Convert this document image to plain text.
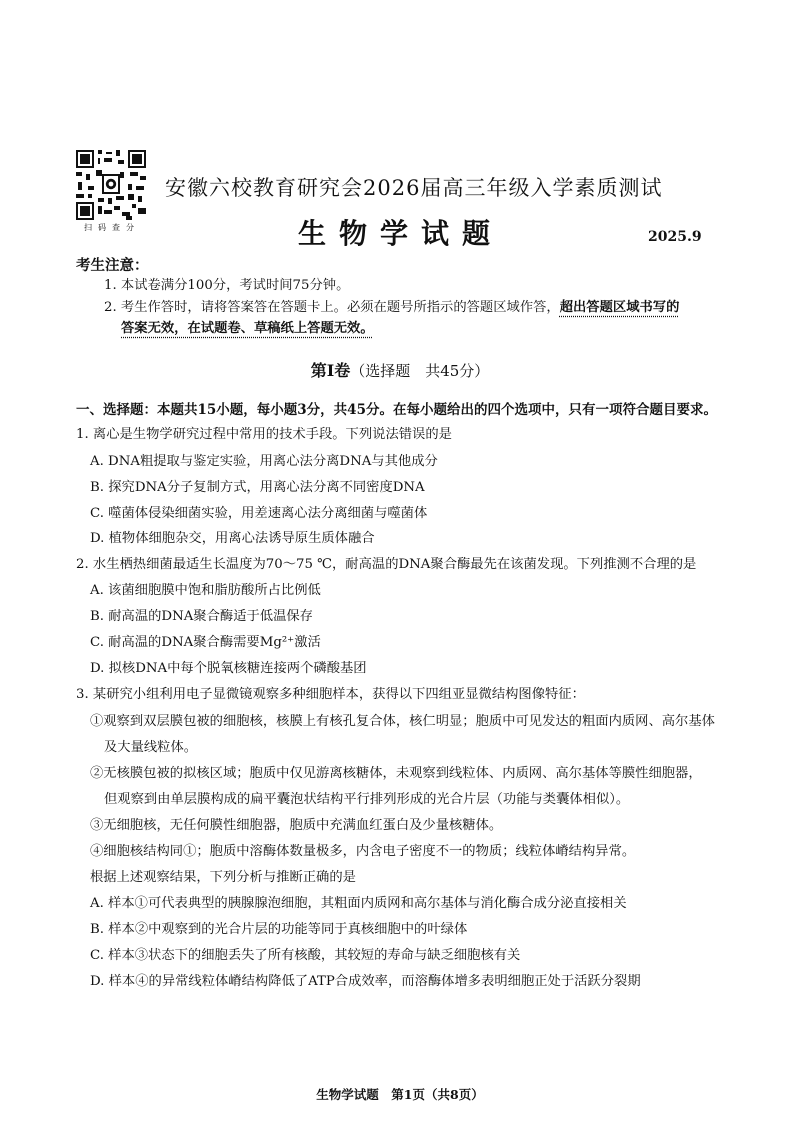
扫码查分
安徽六校教育研究会2026届高三年级入学素质测试
生物学试题	2025.9
考生注意：
1. 本试卷满分100分，考试时间75分钟。
2. 考生作答时，请将答案答在答题卡上。必须在题号所指示的答题区域作答，超出答题区域书写的
答案无效，在试题卷、草稿纸上答题无效。
第Ⅰ卷（选择题　共45分）
一、选择题：本题共15小题，每小题3分，共45分。在每小题给出的四个选项中，只有一项符合题目要求。
1. 离心是生物学研究过程中常用的技术手段。下列说法错误的是
A. DNA粗提取与鉴定实验，用离心法分离DNA与其他成分
B. 探究DNA分子复制方式，用离心法分离不同密度DNA
C. 噬菌体侵染细菌实验，用差速离心法分离细菌与噬菌体
D. 植物体细胞杂交，用离心法诱导原生质体融合
2. 水生栖热细菌最适生长温度为70～75 ℃，耐高温的DNA聚合酶最先在该菌发现。下列推测不合理的是
A. 该菌细胞膜中饱和脂肪酸所占比例低
B. 耐高温的DNA聚合酶适于低温保存
C. 耐高温的DNA聚合酶需要Mg²⁺激活
D. 拟核DNA中每个脱氧核糖连接两个磷酸基团
3. 某研究小组利用电子显微镜观察多种细胞样本，获得以下四组亚显微结构图像特征：
①观察到双层膜包被的细胞核，核膜上有核孔复合体，核仁明显；胞质中可见发达的粗面内质网、高尔基体
及大量线粒体。
②无核膜包被的拟核区域；胞质中仅见游离核糖体，未观察到线粒体、内质网、高尔基体等膜性细胞器，
但观察到由单层膜构成的扁平囊泡状结构平行排列形成的光合片层（功能与类囊体相似）。
③无细胞核，无任何膜性细胞器，胞质中充满血红蛋白及少量核糖体。
④细胞核结构同①；胞质中溶酶体数量极多，内含电子密度不一的物质；线粒体嵴结构异常。
根据上述观察结果，下列分析与推断正确的是
A. 样本①可代表典型的胰腺腺泡细胞，其粗面内质网和高尔基体与消化酶合成分泌直接相关
B. 样本②中观察到的光合片层的功能等同于真核细胞中的叶绿体
C. 样本③状态下的细胞丢失了所有核酸，其较短的寿命与缺乏细胞核有关
D. 样本④的异常线粒体嵴结构降低了ATP合成效率，而溶酶体增多表明细胞正处于活跃分裂期
生物学试题　第1页（共8页）
